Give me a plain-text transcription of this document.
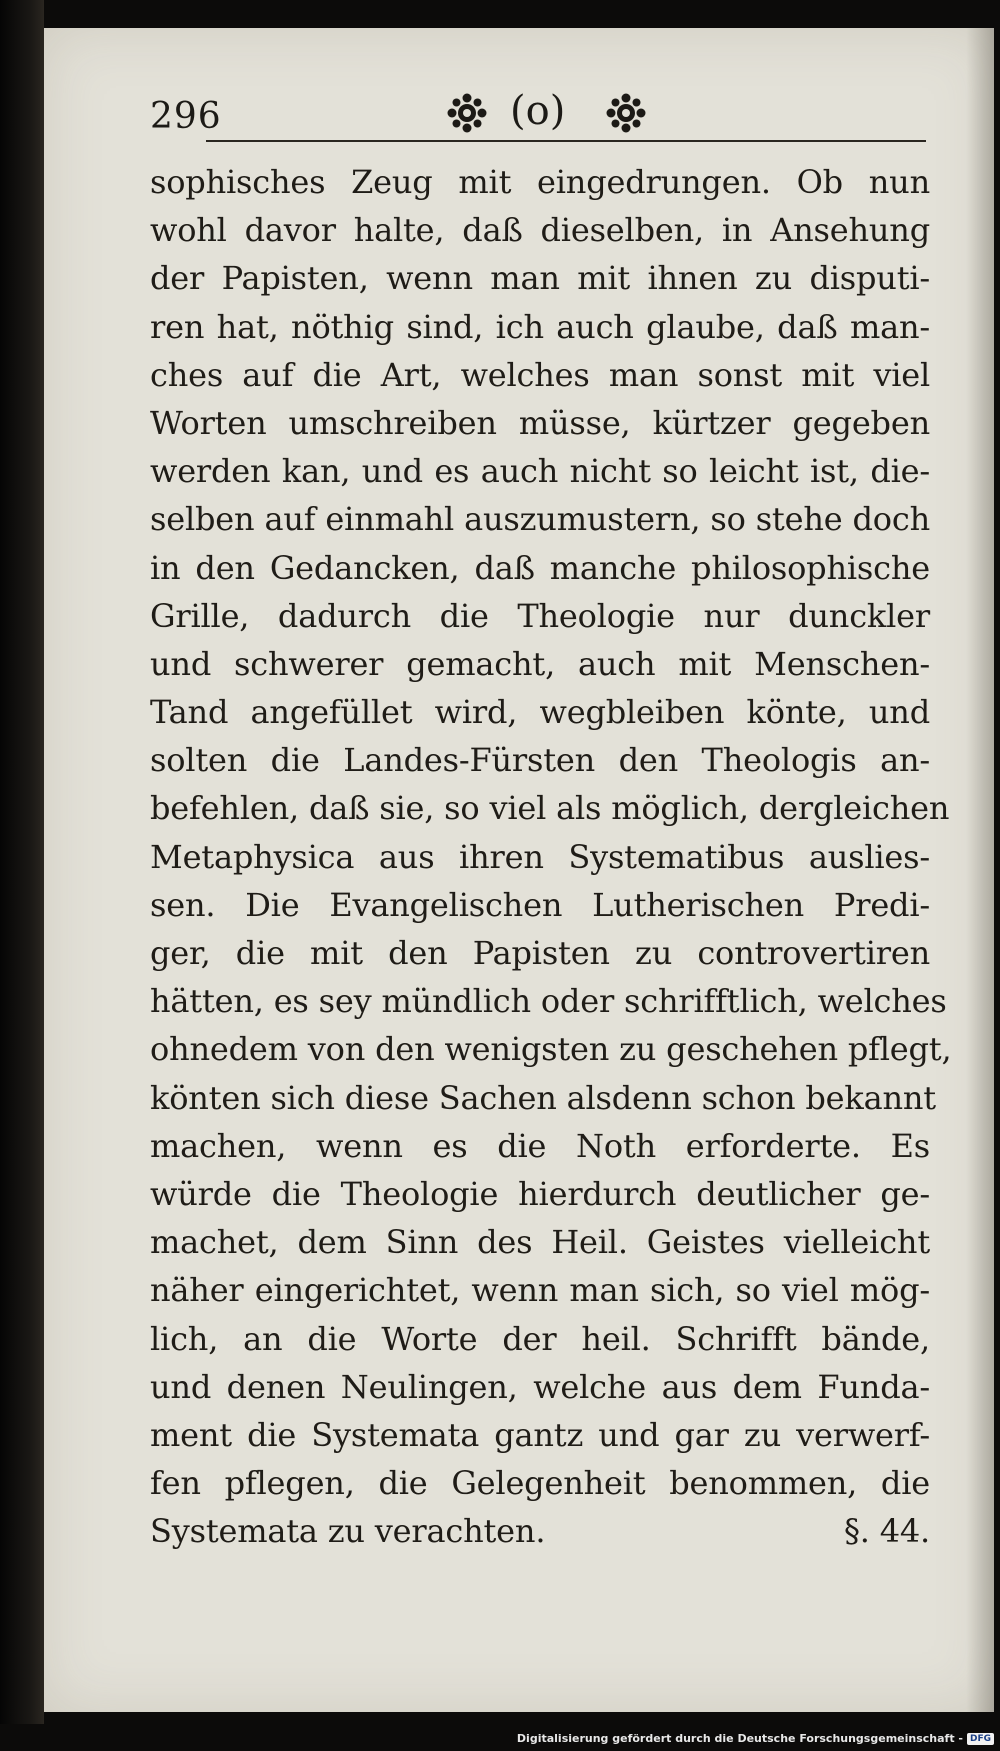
296	(o)
sophisches Zeug mit eingedrungen. Ob nun
wohl davor halte, daß dieselben, in Ansehung
der Papisten, wenn man mit ihnen zu disputi-
ren hat, nöthig sind, ich auch glaube, daß man-
ches auf die Art, welches man sonst mit viel
Worten umschreiben müsse, kürtzer gegeben
werden kan, und es auch nicht so leicht ist, die-
selben auf einmahl auszumustern, so stehe doch
in den Gedancken, daß manche philosophische
Grille, dadurch die Theologie nur dunckler
und schwerer gemacht, auch mit Menschen-
Tand angefüllet wird, wegbleiben könte, und
solten die Landes-Fürsten den Theologis an-
befehlen, daß sie, so viel als möglich, dergleichen
Metaphysica aus ihren Systematibus auslies-
sen. Die Evangelischen Lutherischen Predi-
ger, die mit den Papisten zu controvertiren
hätten, es sey mündlich oder schrifftlich, welches
ohnedem von den wenigsten zu geschehen pflegt,
könten sich diese Sachen alsdenn schon bekannt
machen, wenn es die Noth erforderte. Es
würde die Theologie hierdurch deutlicher ge-
machet, dem Sinn des Heil. Geistes vielleicht
näher eingerichtet, wenn man sich, so viel mög-
lich, an die Worte der heil. Schrifft bände,
und denen Neulingen, welche aus dem Funda-
ment die Systemata gantz und gar zu verwerf-
fen pflegen, die Gelegenheit benommen, die
Systemata zu verachten.	§. 44.
Digitalisierung gefördert durch die Deutsche Forschungsgemeinschaft - DFG
